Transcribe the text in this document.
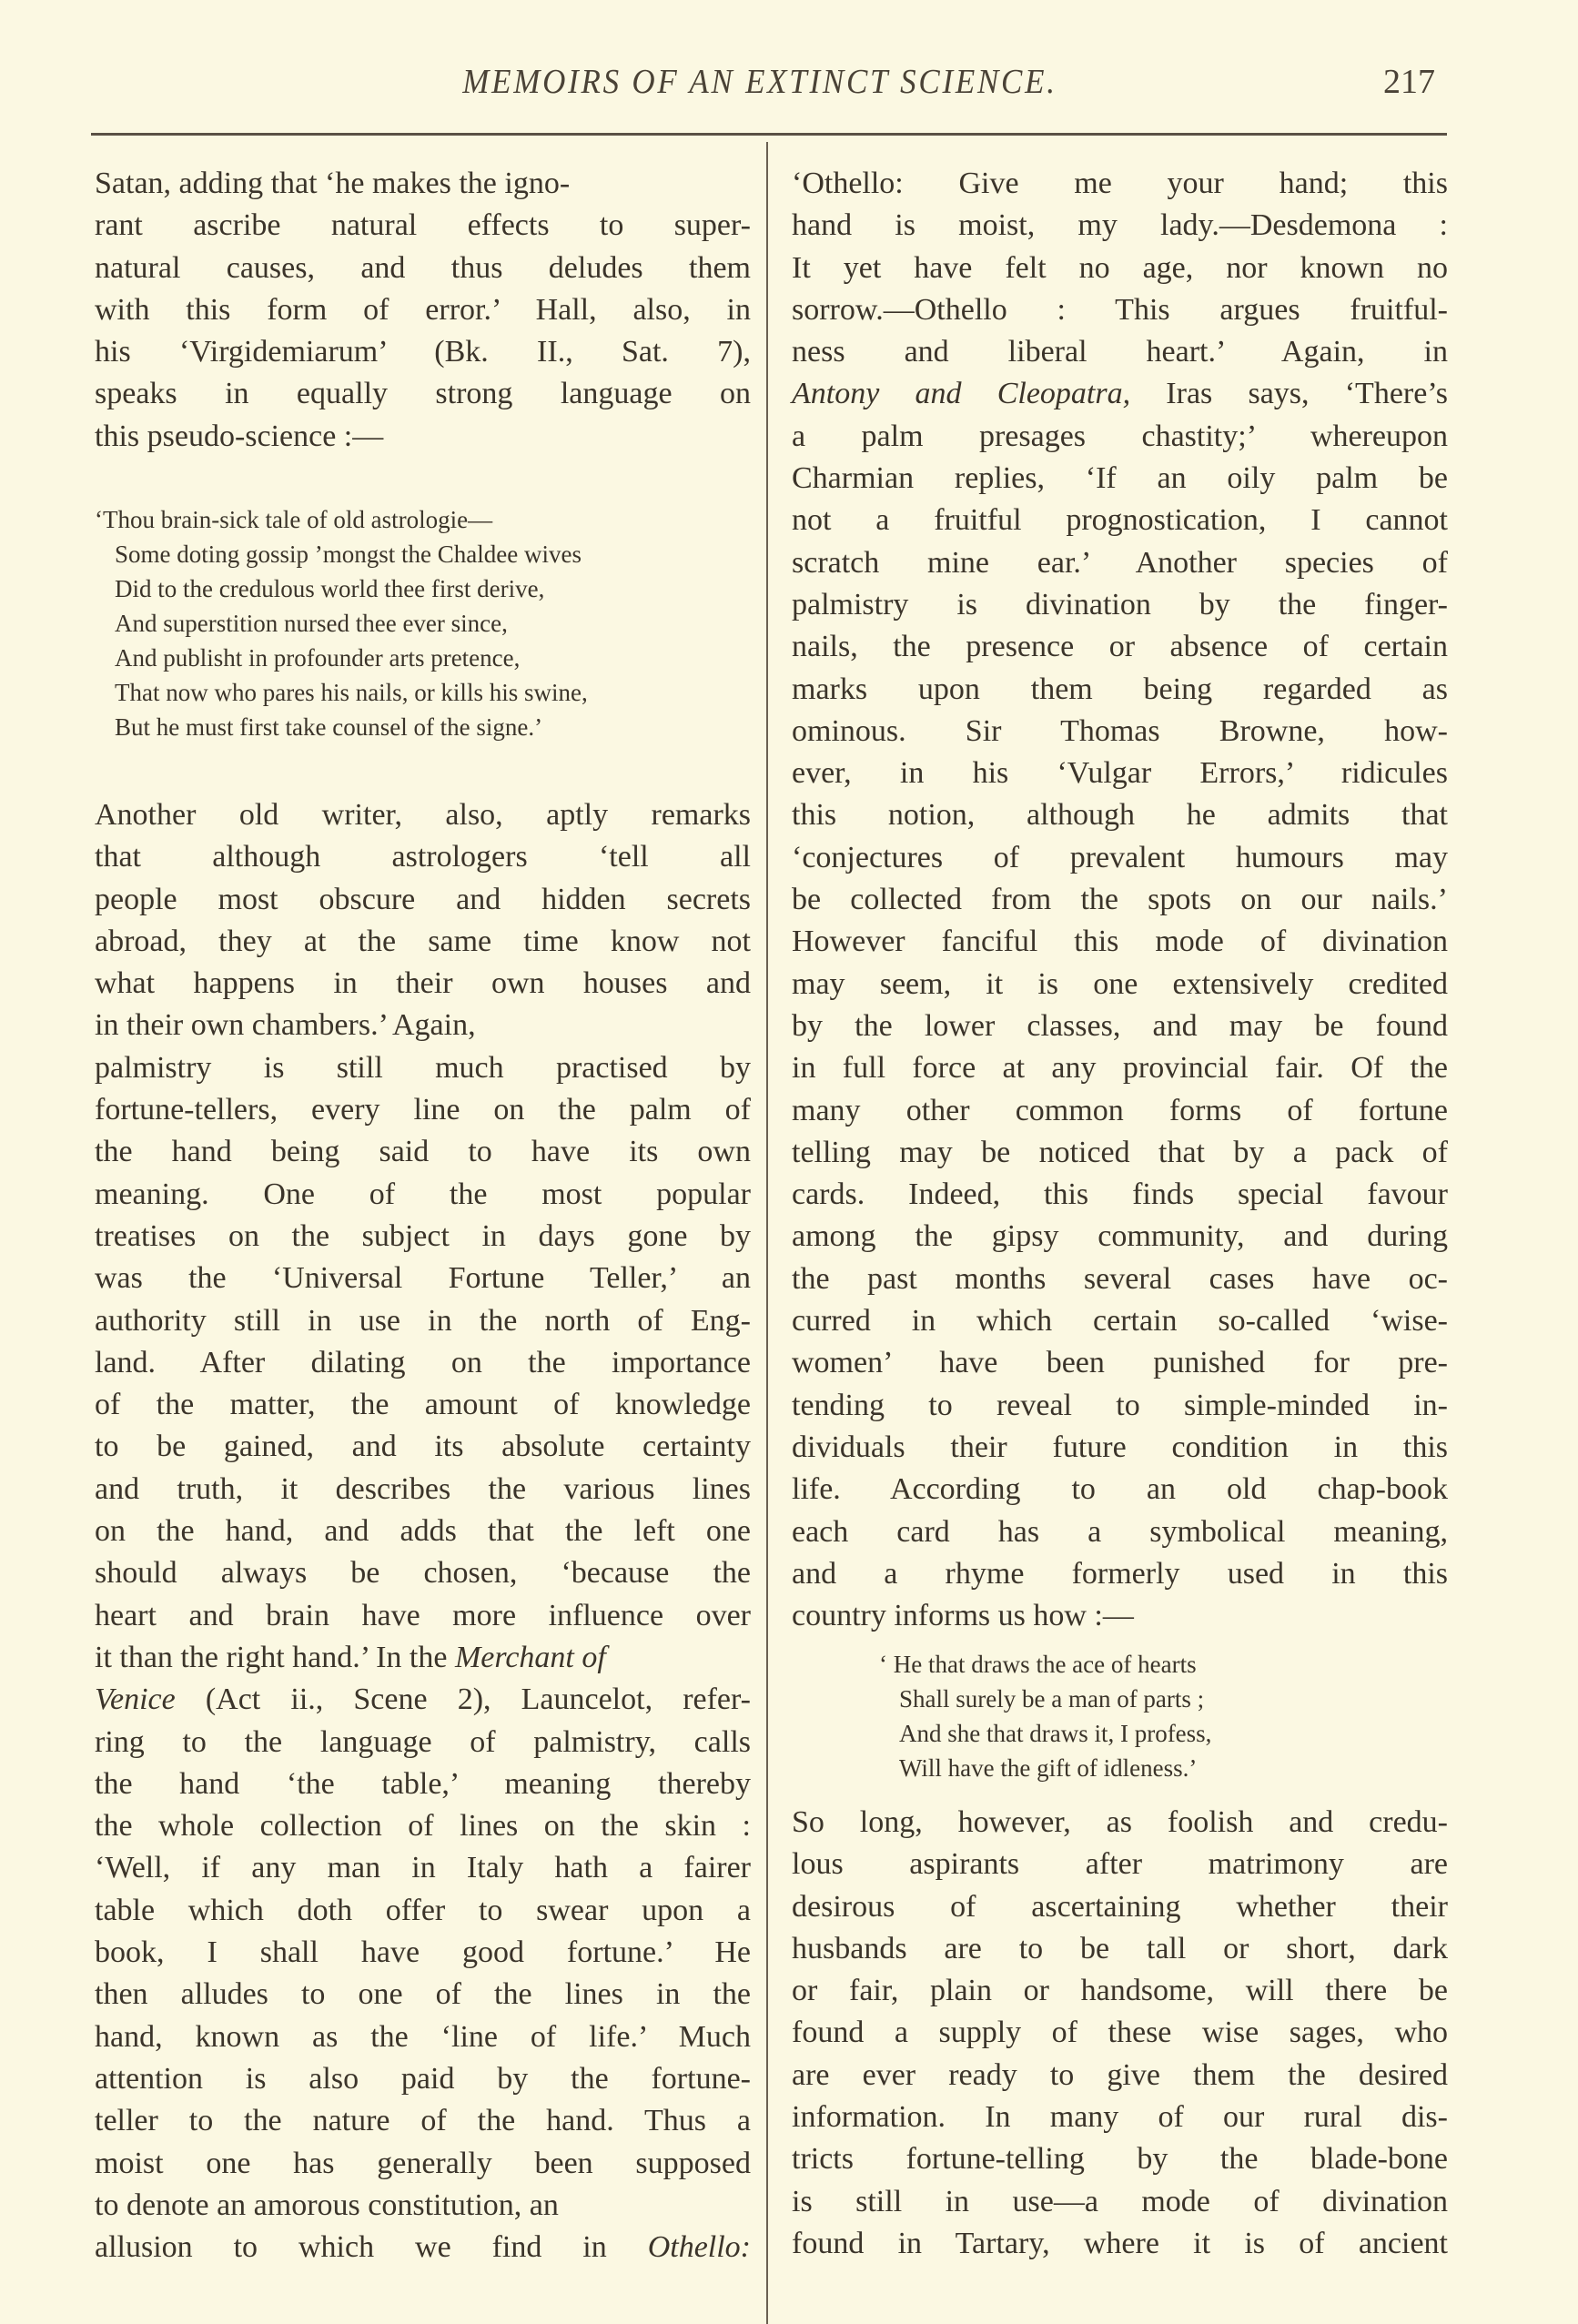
MEMOIRS OF AN EXTINCT SCIENCE.	217
Satan, adding that ‘he makes the igno-
rant ascribe natural effects to super-
natural causes, and thus deludes them
with this form of error.’ Hall, also, in
his ‘Virgidemiarum’ (Bk. II., Sat. 7),
speaks in equally strong language on
this pseudo-science :—
‘Thou brain-sick tale of old astrologie—
Some doting gossip ’mongst the Chaldee wives
Did to the credulous world thee first derive,
And superstition nursed thee ever since,
And publisht in profounder arts pretence,
That now who pares his nails, or kills his swine,
But he must first take counsel of the signe.’
Another old writer, also, aptly remarks
that although astrologers ‘tell all
people most obscure and hidden secrets
abroad, they at the same time know not
what happens in their own houses and
in their own chambers.’ Again,
palmistry is still much practised by
fortune-tellers, every line on the palm of
the hand being said to have its own
meaning. One of the most popular
treatises on the subject in days gone by
was the ‘Universal Fortune Teller,’ an
authority still in use in the north of Eng-
land. After dilating on the importance
of the matter, the amount of knowledge
to be gained, and its absolute certainty
and truth, it describes the various lines
on the hand, and adds that the left one
should always be chosen, ‘because the
heart and brain have more influence over
it than the right hand.’ In the Merchant of
Venice (Act ii., Scene 2), Launcelot, refer-
ring to the language of palmistry, calls
the hand ‘the table,’ meaning thereby
the whole collection of lines on the skin :
‘Well, if any man in Italy hath a fairer
table which doth offer to swear upon a
book, I shall have good fortune.’ He
then alludes to one of the lines in the
hand, known as the ‘line of life.’ Much
attention is also paid by the fortune-
teller to the nature of the hand. Thus a
moist one has generally been supposed
to denote an amorous constitution, an
allusion to which we find in Othello:
‘Othello: Give me your hand; this
hand is moist, my lady.—Desdemona :
It yet have felt no age, nor known no
sorrow.—Othello : This argues fruitful-
ness and liberal heart.’ Again, in
Antony and Cleopatra, Iras says, ‘There’s
a palm presages chastity;’ whereupon
Charmian replies, ‘If an oily palm be
not a fruitful prognostication, I cannot
scratch mine ear.’ Another species of
palmistry is divination by the finger-
nails, the presence or absence of certain
marks upon them being regarded as
ominous. Sir Thomas Browne, how-
ever, in his ‘Vulgar Errors,’ ridicules
this notion, although he admits that
‘conjectures of prevalent humours may
be collected from the spots on our nails.’
However fanciful this mode of divination
may seem, it is one extensively credited
by the lower classes, and may be found
in full force at any provincial fair. Of the
many other common forms of fortune
telling may be noticed that by a pack of
cards. Indeed, this finds special favour
among the gipsy community, and during
the past months several cases have oc-
curred in which certain so-called ‘wise-
women’ have been punished for pre-
tending to reveal to simple-minded in-
dividuals their future condition in this
life. According to an old chap-book
each card has a symbolical meaning,
and a rhyme formerly used in this
country informs us how :—
‘ He that draws the ace of hearts
Shall surely be a man of parts ;
And she that draws it, I profess,
Will have the gift of idleness.’
So long, however, as foolish and credu-
lous aspirants after matrimony are
desirous of ascertaining whether their
husbands are to be tall or short, dark
or fair, plain or handsome, will there be
found a supply of these wise sages, who
are ever ready to give them the desired
information. In many of our rural dis-
tricts fortune-telling by the blade-bone
is still in use—a mode of divination
found in Tartary, where it is of ancient
